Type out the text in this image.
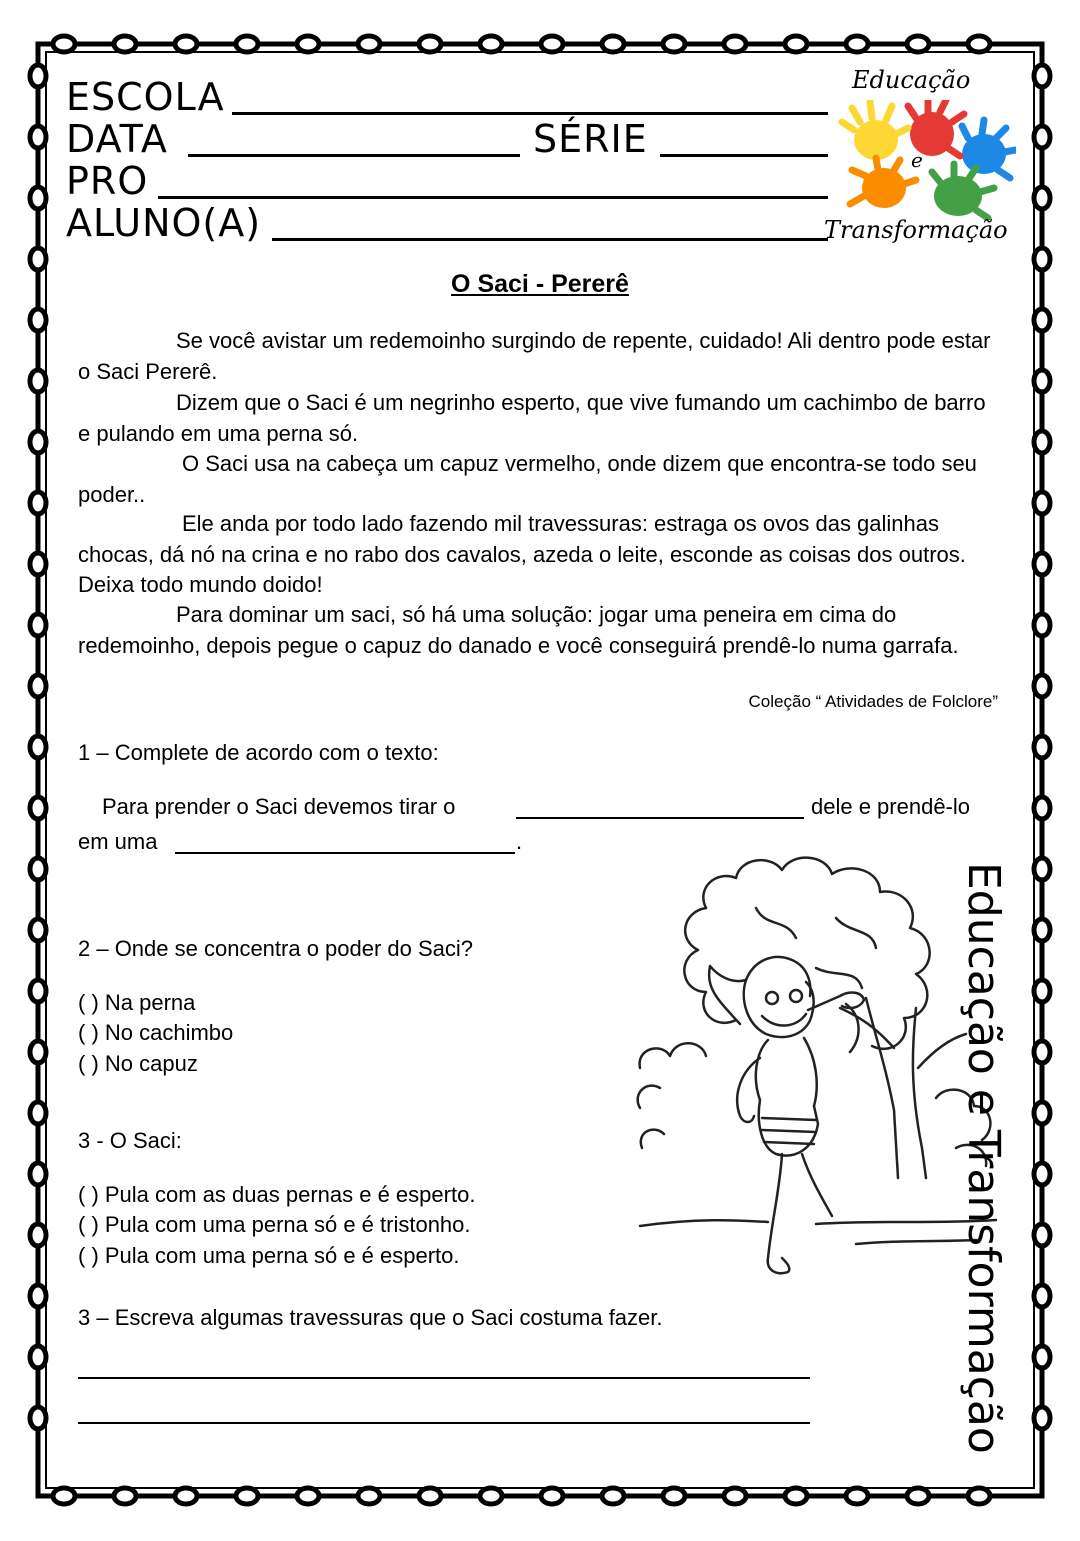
ESCOLA
DATA	SÉRIE
PRO
ALUNO(A)
Educação
e
Transformação
O Saci - Pererê
Se você avistar um redemoinho surgindo de repente, cuidado! Ali dentro pode estar o Saci Pererê.
Dizem que o Saci é um negrinho esperto, que vive fumando um cachimbo de barro e pulando em uma perna só.
O Saci usa na cabeça um capuz vermelho, onde dizem que encontra-se todo seu poder..
Ele anda por todo lado fazendo mil travessuras: estraga os ovos das galinhas chocas, dá nó na crina e no rabo dos cavalos, azeda o leite, esconde as coisas dos outros. Deixa todo mundo doido!
Para dominar um saci, só há uma solução: jogar uma peneira em cima do redemoinho, depois pegue o capuz do danado e você conseguirá prendê-lo numa garrafa.
Coleção “ Atividades de Folclore”
1 – Complete de acordo com o texto:
Para prender o Saci devemos tirar o	dele e prendê-lo
em uma	.
2 – Onde se concentra o poder do Saci?
( ) Na perna
( ) No cachimbo
( ) No capuz
3 - O Saci:
( ) Pula com as duas pernas e é esperto.
( ) Pula com uma perna só e é tristonho.
( ) Pula com uma perna só e é esperto.
3 – Escreva algumas travessuras que o Saci costuma fazer.	Educação e Transformação
